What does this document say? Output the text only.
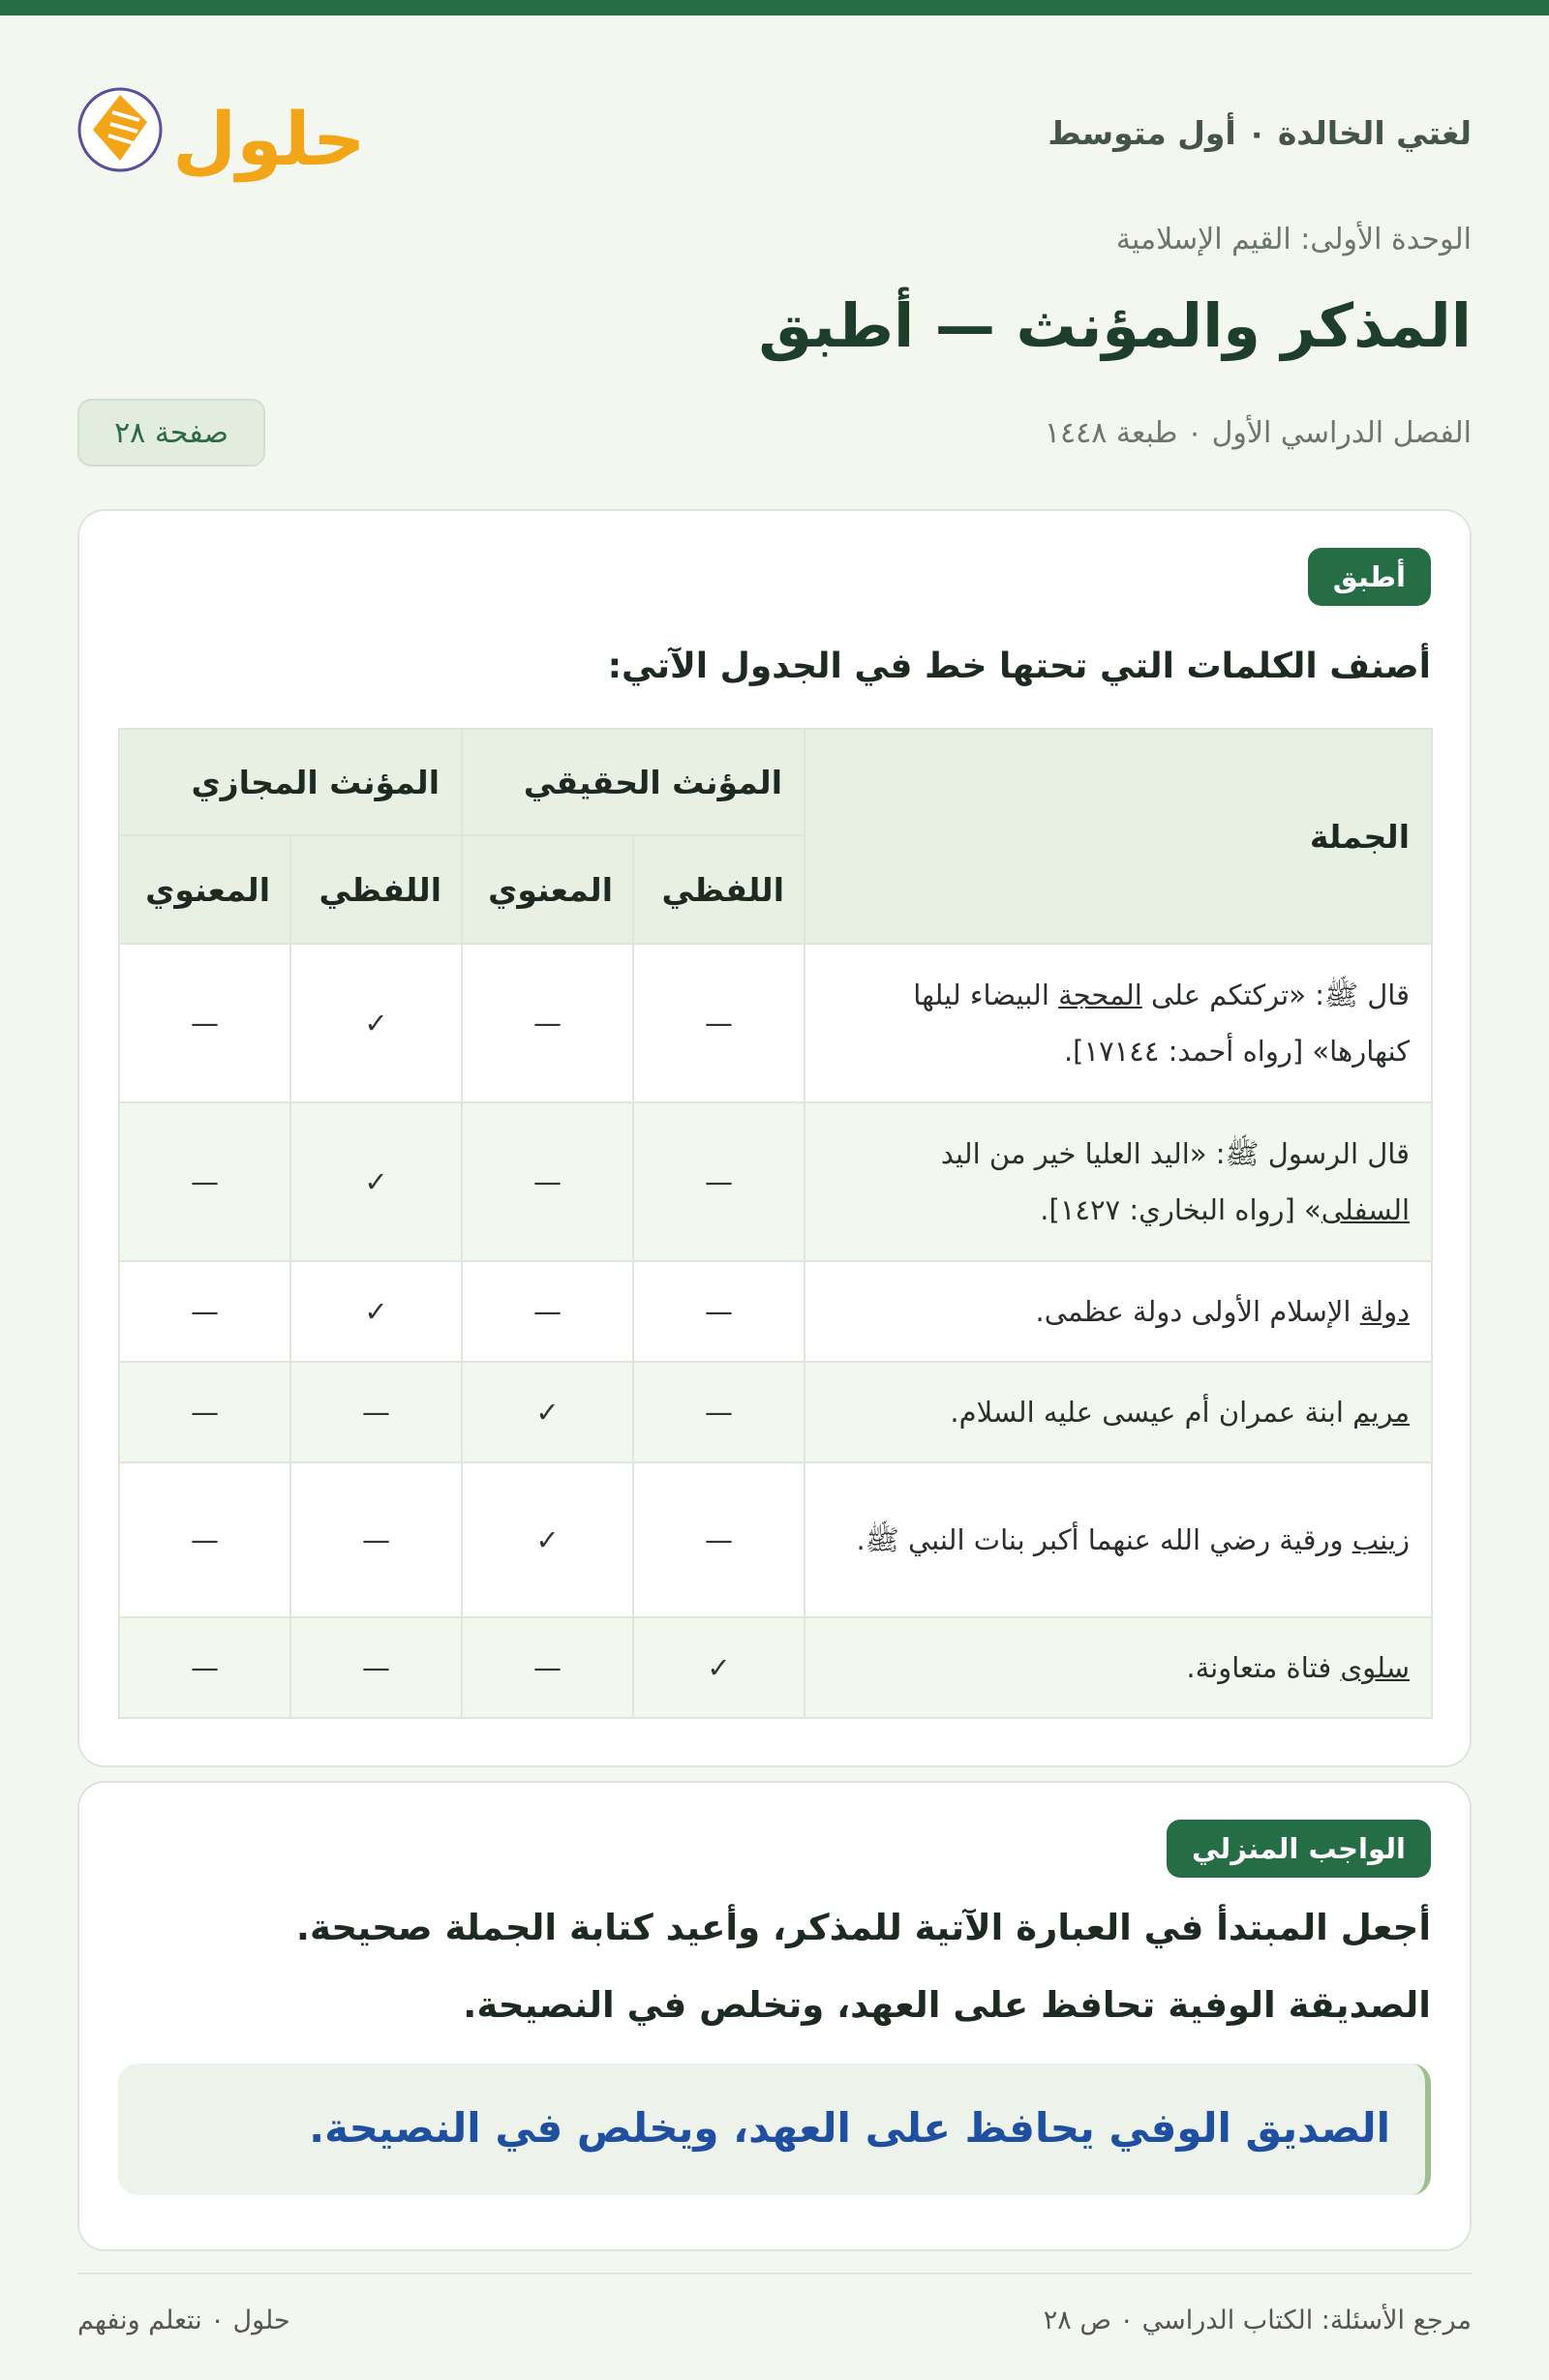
لغتي الخالدة ٠ أول متوسط
حلول
الوحدة الأولى: القيم الإسلامية
المذكر والمؤنث — أطبق
الفصل الدراسي الأول ٠ طبعة ١٤٤٨
صفحة ٢٨
أطبق
أصنف الكلمات التي تحتها خط في الجدول الآتي:
الجملة	المؤنث الحقيقي		المؤنث المجازي	
	اللفظي	المعنوي	اللفظي	المعنوي
قال ﷺ: «تركتكم على المحجة البيضاء ليلها كنهارها» [رواه أحمد: ١٧١٤٤].	—	—	✓	—
قال الرسول ﷺ: «اليد العليا خير من اليد السفلى» [رواه البخاري: ١٤٢٧].	—	—	✓	—
دولة الإسلام الأولى دولة عظمى.	—	—	✓	—
مريم ابنة عمران أم عيسى عليه السلام.	—	✓	—	—
زينب ورقية رضي الله عنهما أكبر بنات النبي ﷺ.	—	✓	—	—
سلوى فتاة متعاونة.	✓	—	—	—
الواجب المنزلي
أجعل المبتدأ في العبارة الآتية للمذكر، وأعيد كتابة الجملة صحيحة.
الصديقة الوفية تحافظ على العهد، وتخلص في النصيحة.
الصديق الوفي يحافظ على العهد، ويخلص في النصيحة.
مرجع الأسئلة: الكتاب الدراسي ٠ ص ٢٨
حلول ٠ نتعلم ونفهم
